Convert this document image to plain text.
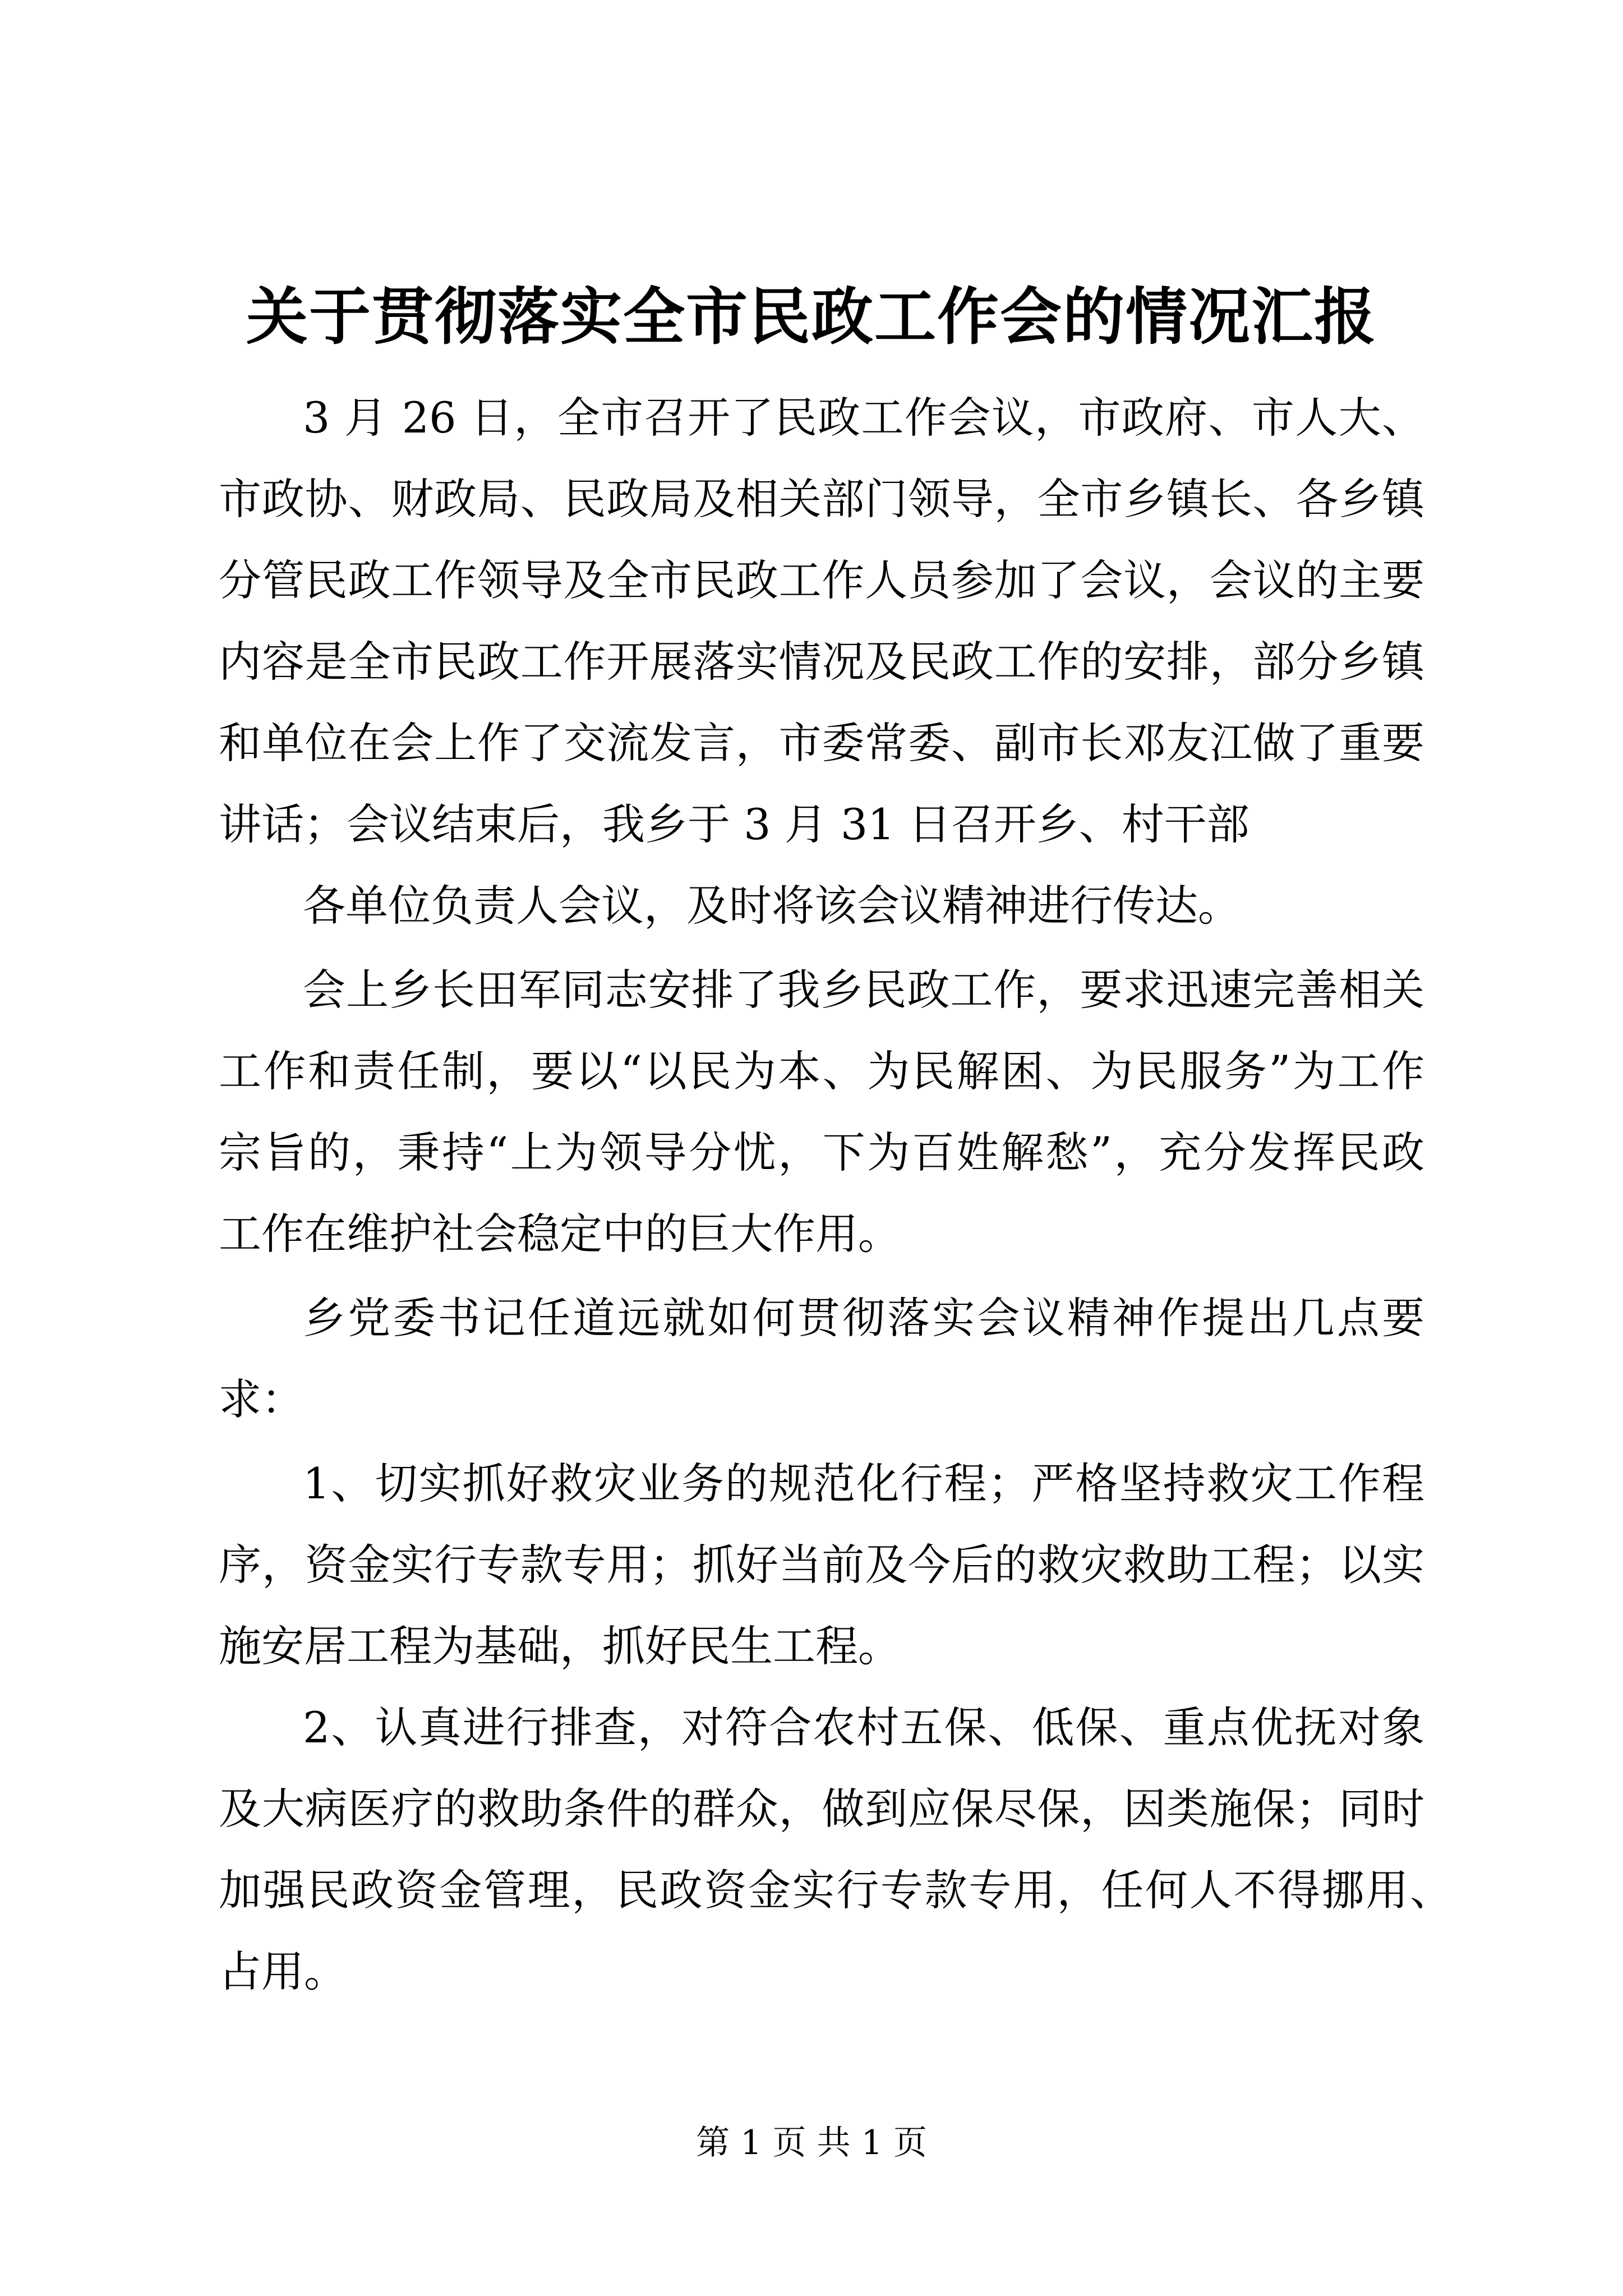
关于贯彻落实全市民政工作会的情况汇报
3 月 26 日，全市召开了民政工作会议，市政府、市人大、
市政协、财政局、民政局及相关部门领导，全市乡镇长、各乡镇
分管民政工作领导及全市民政工作人员参加了会议，会议的主要
内容是全市民政工作开展落实情况及民政工作的安排，部分乡镇
和单位在会上作了交流发言，市委常委、副市长邓友江做了重要
讲话；会议结束后，我乡于 3 月 31 日召开乡、村干部
各单位负责人会议，及时将该会议精神进行传达。
会上乡长田军同志安排了我乡民政工作，要求迅速完善相关
工作和责任制，要以“以民为本、为民解困、为民服务”为工作
宗旨的，秉持“上为领导分忧，下为百姓解愁”，充分发挥民政
工作在维护社会稳定中的巨大作用。
乡党委书记任道远就如何贯彻落实会议精神作提出几点要
求：
1、切实抓好救灾业务的规范化行程；严格坚持救灾工作程
序，资金实行专款专用；抓好当前及今后的救灾救助工程；以实
施安居工程为基础，抓好民生工程。
2、认真进行排查，对符合农村五保、低保、重点优抚对象
及大病医疗的救助条件的群众，做到应保尽保，因类施保；同时
加强民政资金管理，民政资金实行专款专用，任何人不得挪用、
占用。
第 1 页 共 1 页
